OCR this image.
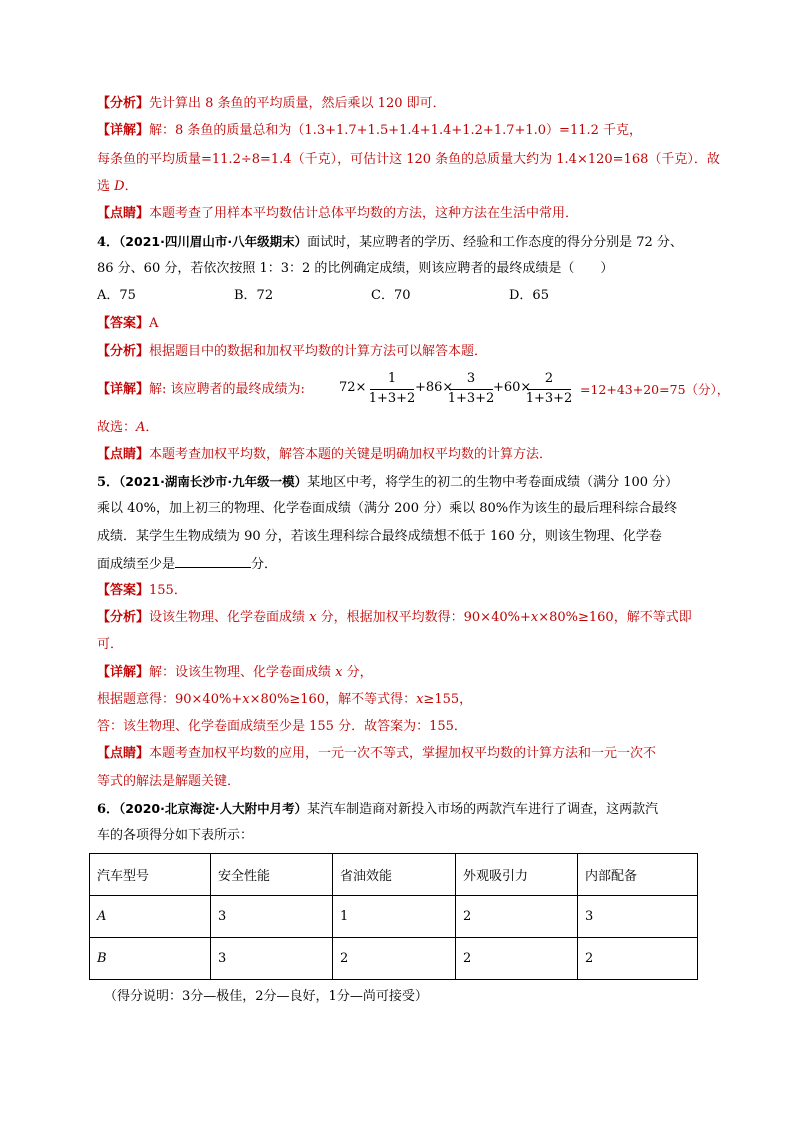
【分析】先计算出 8 条鱼的平均质量，然后乘以 120 即可．
【详解】解：8 条鱼的质量总和为（1.3+1.7+1.5+1.4+1.4+1.2+1.7+1.0）=11.2 千克，
每条鱼的平均质量=11.2÷8=1.4（千克），可估计这 120 条鱼的总质量大约为 1.4×120=168（千克）．故
选 D．
【点睛】本题考查了用样本平均数估计总体平均数的方法，这种方法在生活中常用．
4．（2021·四川眉山市·八年级期末）面试时，某应聘者的学历、经验和工作态度的得分分别是 72 分、
86 分、60 分，若依次按照 1：3：2 的比例确定成绩，则该应聘者的最终成绩是（　　）
A．75	B．72	C．70	D．65
【答案】A
【分析】根据题目中的数据和加权平均数的计算方法可以解答本题．
【详解】解: 该应聘者的最终成绩为:	72×
1
1+3+2
+86×
3
1+3+2
+60×
2
1+3+2
=12+43+20=75（分），
故选：A．
【点睛】本题考查加权平均数，解答本题的关键是明确加权平均数的计算方法．
5．（2021·湖南长沙市·九年级一模）某地区中考，将学生的初二的生物中考卷面成绩（满分 100 分）
乘以 40%，加上初三的物理、化学卷面成绩（满分 200 分）乘以 80%作为该生的最后理科综合最终
成绩．某学生生物成绩为 90 分，若该生理科综合最终成绩想不低于 160 分，则该生物理、化学卷
面成绩至少是	分．
【答案】155．
【分析】设该生物理、化学卷面成绩 x 分，根据加权平均数得：90×40%+x×80%≥160，解不等式即
可．
【详解】解：设该生物理、化学卷面成绩 x 分，
根据题意得：90×40%+x×80%≥160，解不等式得：x≥155，
答：该生物理、化学卷面成绩至少是 155 分．故答案为：155．
【点睛】本题考查加权平均数的应用，一元一次不等式，掌握加权平均数的计算方法和一元一次不
等式的解法是解题关键．
6．（2020·北京海淀·人大附中月考）某汽车制造商对新投入市场的两款汽车进行了调查，这两款汽
车的各项得分如下表所示：
汽车型号	安全性能	省油效能	外观吸引力	内部配备
A	3	1	2	3
B	3	2	2	2
（得分说明：3分—极佳，2分—良好，1分—尚可接受）
